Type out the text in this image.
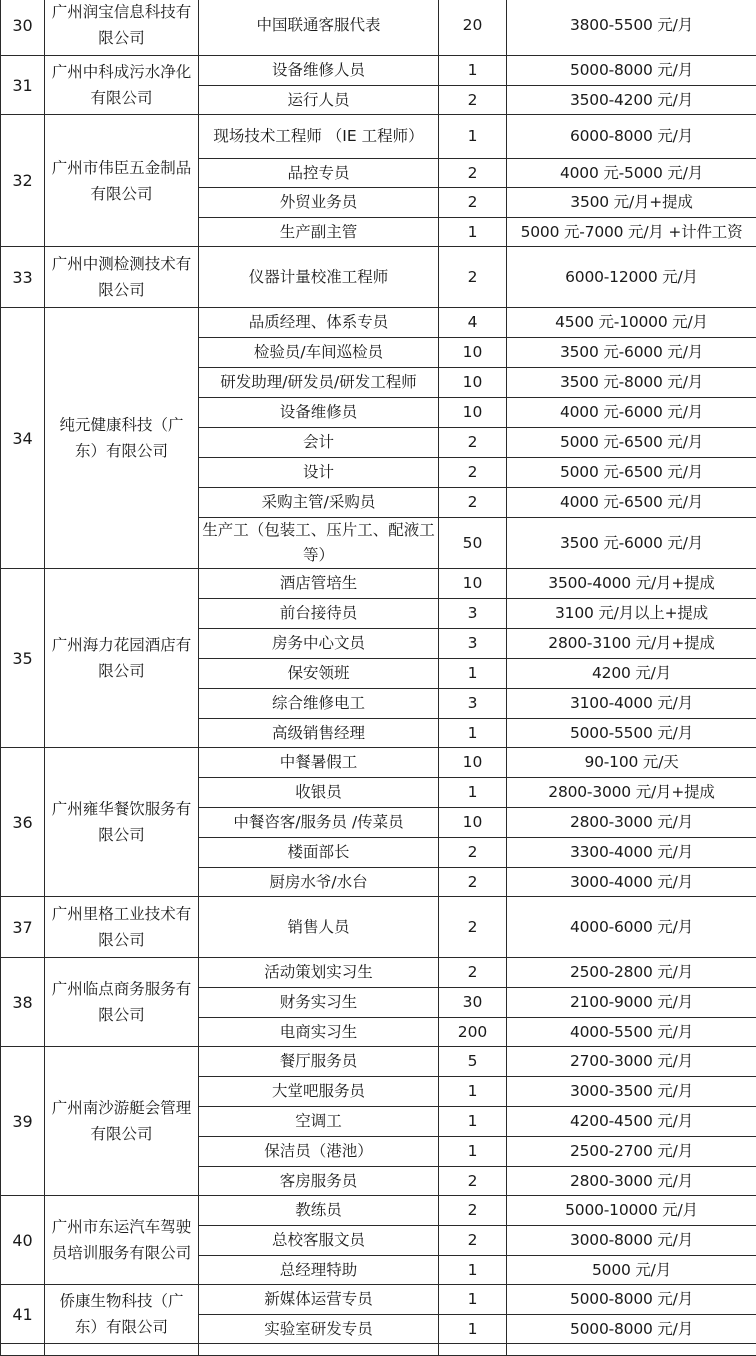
30	广州润宝信息科技有限公司	中国联通客服代表	20	3800-5500 元/月
31	广州中科成污水净化有限公司	设备维修人员	1	5000-8000 元/月
		运行人员	2	3500-4200 元/月
32	广州市伟臣五金制品有限公司	现场技术工程师 （IE 工程师）	1	6000-8000 元/月
		品控专员	2	4000 元-5000 元/月
		外贸业务员	2	3500 元/月+提成
		生产副主管	1	5000 元-7000 元/月 +计件工资
33	广州中测检测技术有限公司	仪器计量校准工程师	2	6000-12000 元/月
34	纯元健康科技（广东）有限公司	品质经理、体系专员	4	4500 元-10000 元/月
		检验员/车间巡检员	10	3500 元-6000 元/月
		研发助理/研发员/研发工程师	10	3500 元-8000 元/月
		设备维修员	10	4000 元-6000 元/月
		会计	2	5000 元-6500 元/月
		设计	2	5000 元-6500 元/月
		采购主管/采购员	2	4000 元-6500 元/月
		生产工（包装工、压片工、配液工等）	50	3500 元-6000 元/月
35	广州海力花园酒店有限公司	酒店管培生	10	3500-4000 元/月+提成
		前台接待员	3	3100 元/月以上+提成
		房务中心文员	3	2800-3100 元/月+提成
		保安领班	1	4200 元/月
		综合维修电工	3	3100-4000 元/月
		高级销售经理	1	5000-5500 元/月
36	广州雍华餐饮服务有限公司	中餐暑假工	10	90-100 元/天
		收银员	1	2800-3000 元/月+提成
		中餐咨客/服务员 /传菜员	10	2800-3000 元/月
		楼面部长	2	3300-4000 元/月
		厨房水爷/水台	2	3000-4000 元/月
37	广州里格工业技术有限公司	销售人员	2	4000-6000 元/月
38	广州临点商务服务有限公司	活动策划实习生	2	2500-2800 元/月
		财务实习生	30	2100-9000 元/月
		电商实习生	200	4000-5500 元/月
39	广州南沙游艇会管理有限公司	餐厅服务员	5	2700-3000 元/月
		大堂吧服务员	1	3000-3500 元/月
		空调工	1	4200-4500 元/月
		保洁员（港池）	1	2500-2700 元/月
		客房服务员	2	2800-3000 元/月
40	广州市东运汽车驾驶员培训服务有限公司	教练员	2	5000-10000 元/月
		总校客服文员	2	3000-8000 元/月
		总经理特助	1	5000 元/月
41	侨康生物科技（广东）有限公司	新媒体运营专员	1	5000-8000 元/月
		实验室研发专员	1	5000-8000 元/月
